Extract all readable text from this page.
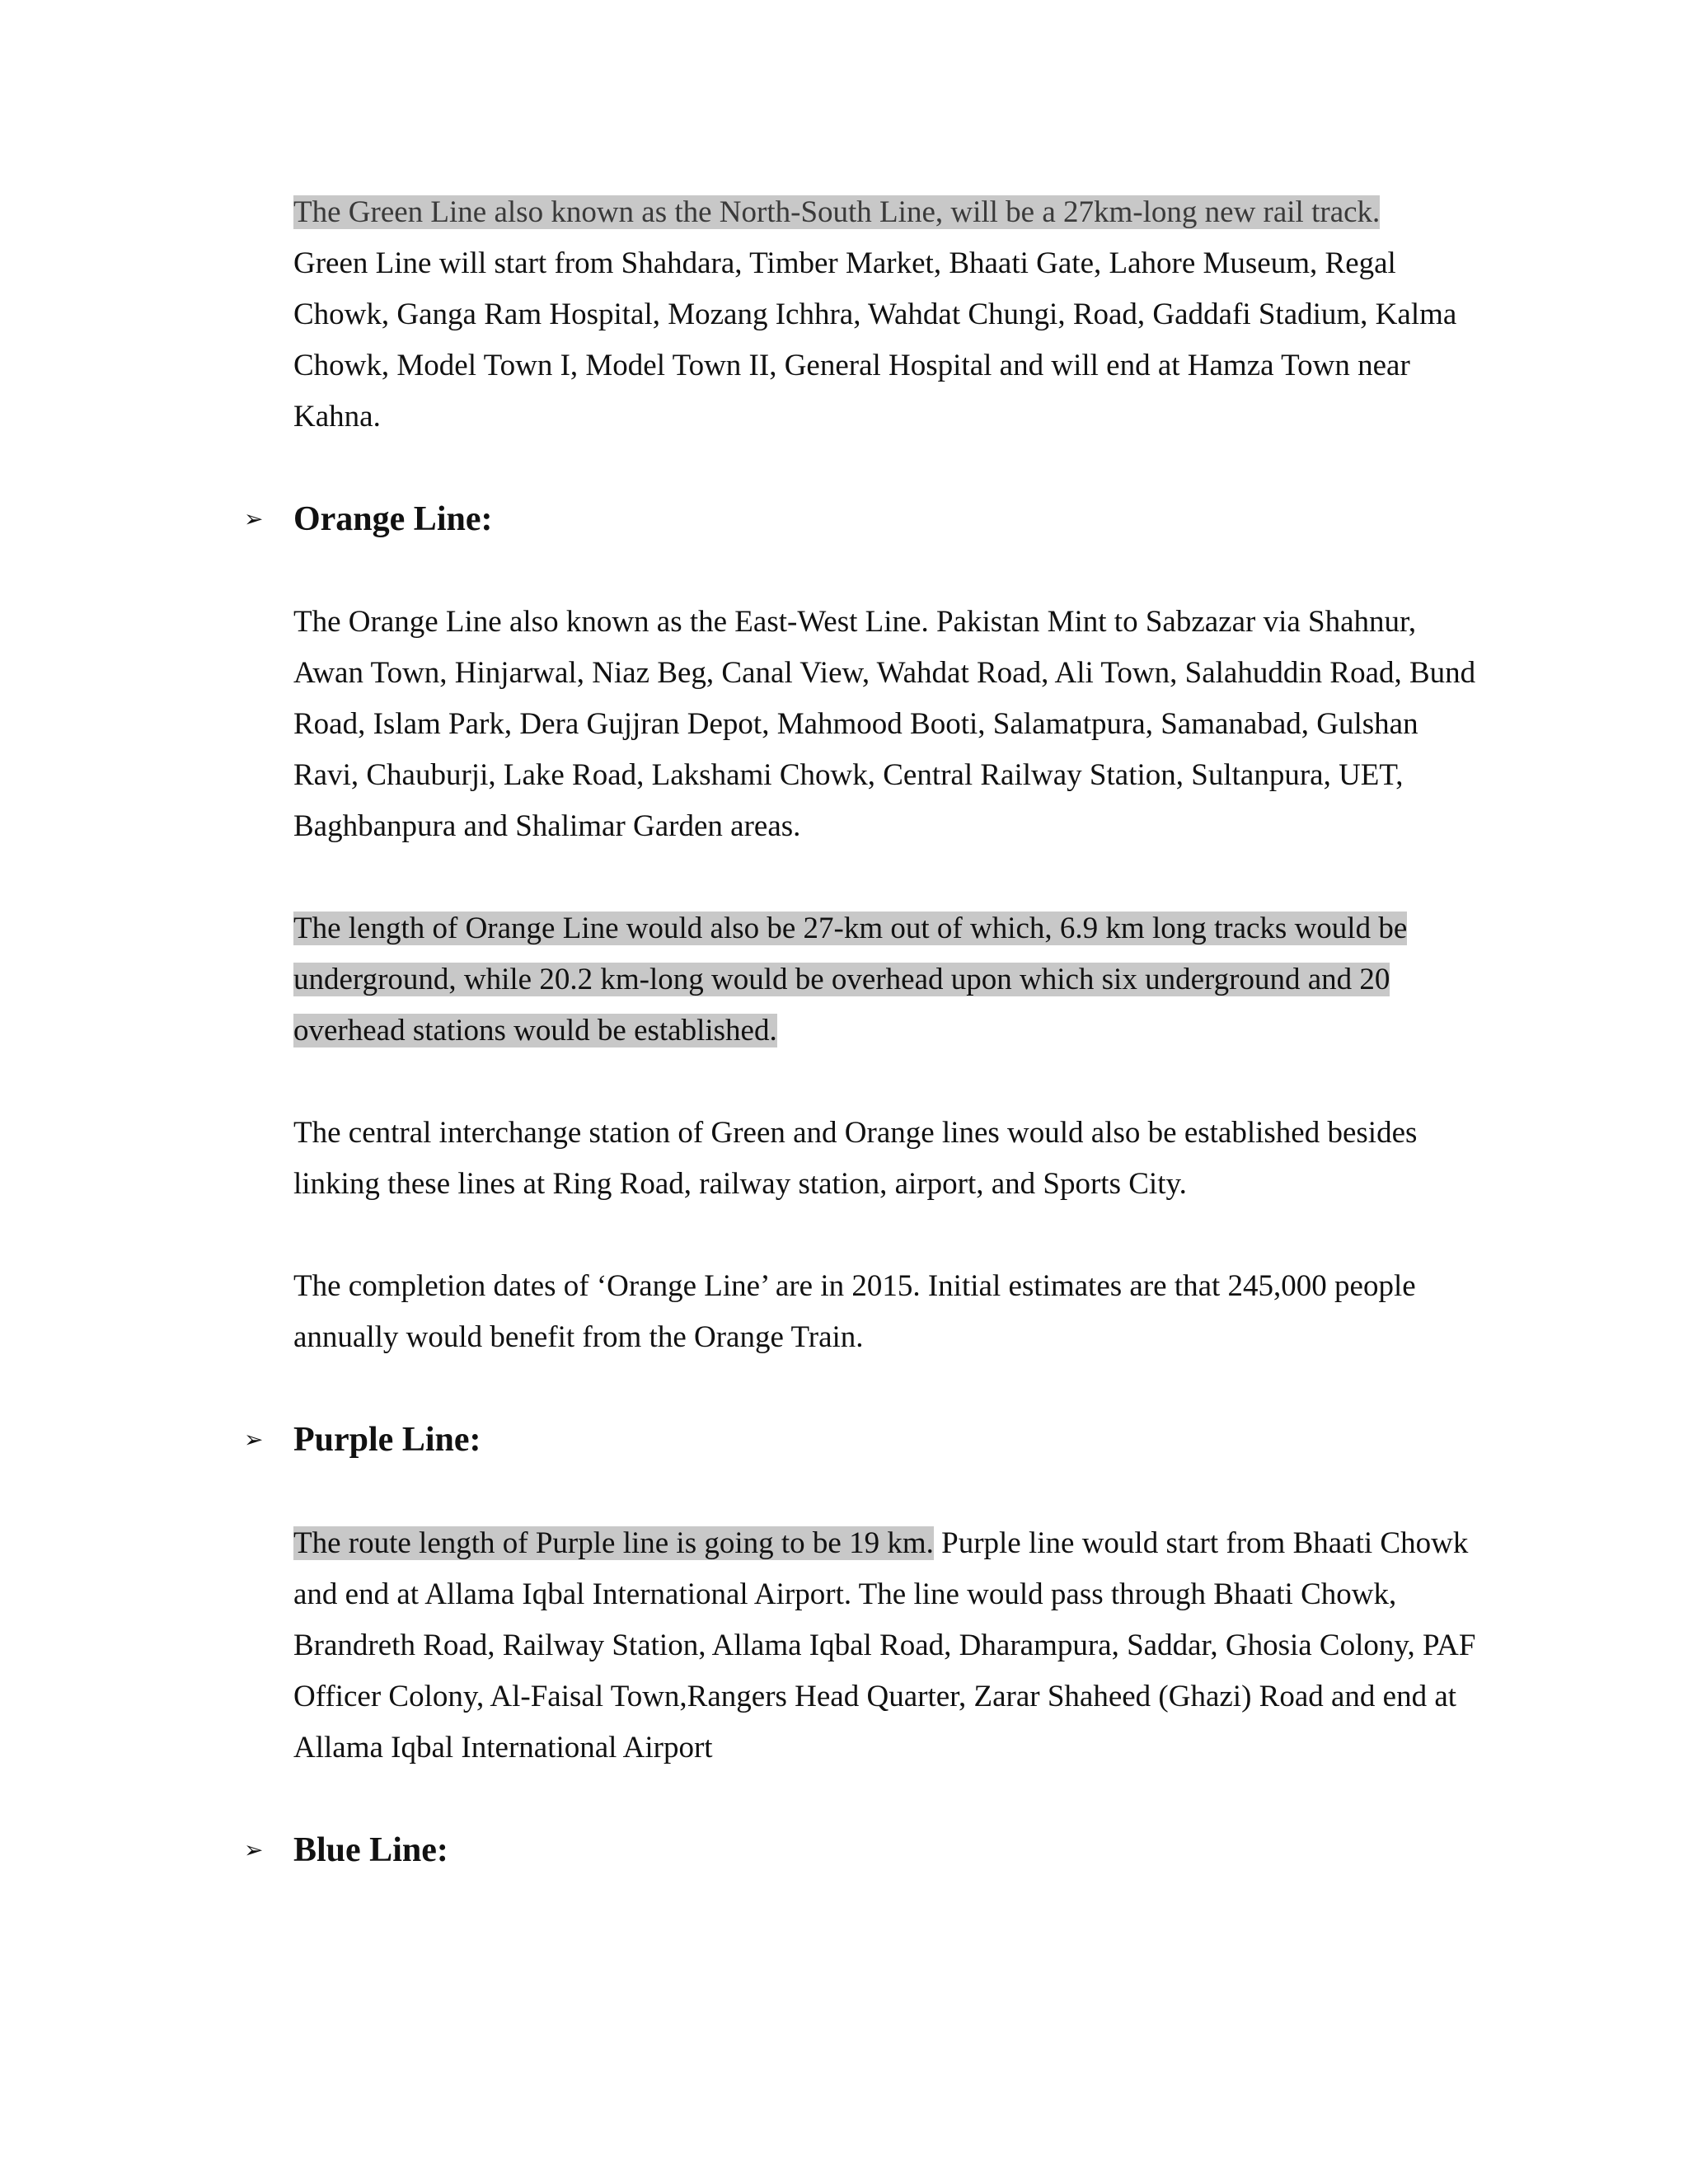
The Green Line also known as the North-South Line, will be a 27km-long new rail track.
Green Line will start from Shahdara, Timber Market, Bhaati Gate, Lahore Museum, Regal Chowk, Ganga Ram Hospital, Mozang Ichhra, Wahdat Chungi, Road, Gaddafi Stadium, Kalma Chowk, Model Town I, Model Town II, General Hospital and will end at Hamza Town near Kahna.

➢ Orange Line:

The Orange Line also known as the East-West Line. Pakistan Mint to Sabzazar via Shahnur, Awan Town, Hinjarwal, Niaz Beg, Canal View, Wahdat Road, Ali Town, Salahuddin Road, Bund Road, Islam Park, Dera Gujjran Depot, Mahmood Booti, Salamatpura, Samanabad, Gulshan Ravi, Chauburji, Lake Road, Lakshami Chowk, Central Railway Station, Sultanpura, UET, Baghbanpura and Shalimar Garden areas.

The length of Orange Line would also be 27-km out of which, 6.9 km long tracks would be underground, while 20.2 km-long would be overhead upon which six underground and 20 overhead stations would be established.

The central interchange station of Green and Orange lines would also be established besides linking these lines at Ring Road, railway station, airport, and Sports City.

The completion dates of ‘Orange Line’ are in 2015. Initial estimates are that 245,000 people annually would benefit from the Orange Train.

➢ Purple Line:

The route length of Purple line is going to be 19 km. Purple line would start from Bhaati Chowk and end at Allama Iqbal International Airport. The line would pass through Bhaati Chowk, Brandreth Road, Railway Station, Allama Iqbal Road, Dharampura, Saddar, Ghosia Colony, PAF Officer Colony, Al-Faisal Town,Rangers Head Quarter, Zarar Shaheed (Ghazi) Road and end at Allama Iqbal International Airport

➢ Blue Line:
